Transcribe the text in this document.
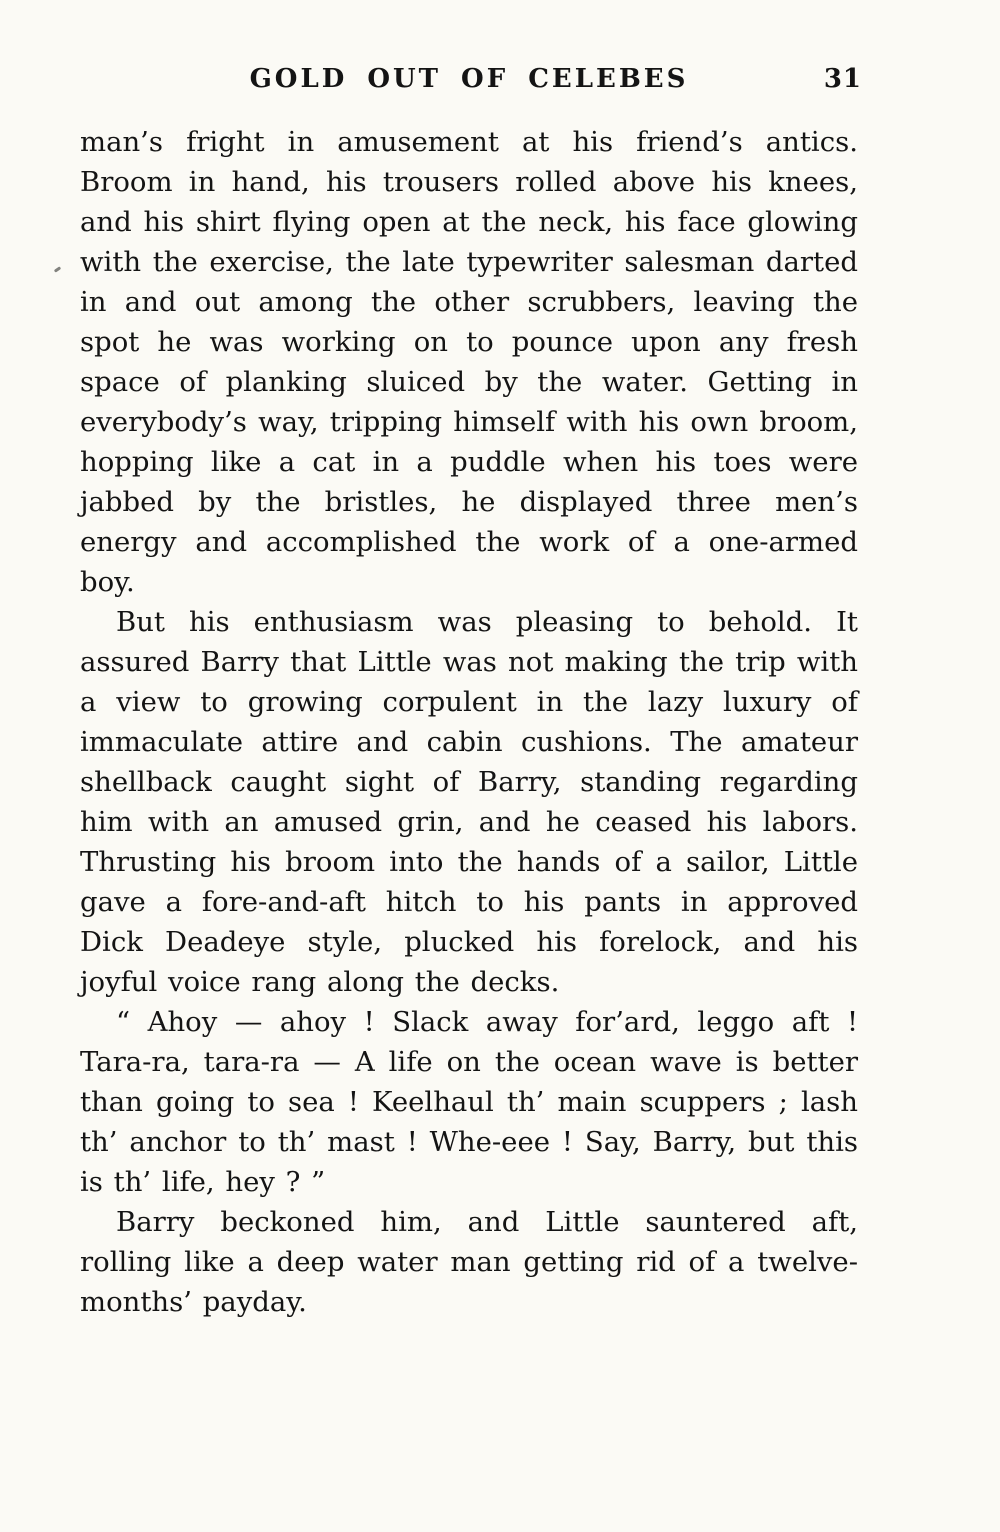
GOLD OUT OF CELEBES	31

man’s fright in amusement at his friend’s antics. Broom in hand, his trousers rolled above his knees, and his shirt flying open at the neck, his face glowing with the exercise, the late typewriter salesman darted in and out among the other scrubbers, leaving the spot he was working on to pounce upon any fresh space of planking sluiced by the water. Getting in everybody’s way, tripping himself with his own broom, hopping like a cat in a puddle when his toes were jabbed by the bristles, he displayed three men’s energy and accomplished the work of a one-armed boy.

But his enthusiasm was pleasing to behold. It assured Barry that Little was not making the trip with a view to growing corpulent in the lazy luxury of immaculate attire and cabin cushions. The amateur shellback caught sight of Barry, standing regarding him with an amused grin, and he ceased his labors. Thrusting his broom into the hands of a sailor, Little gave a fore-and-aft hitch to his pants in approved Dick Deadeye style, plucked his forelock, and his joyful voice rang along the decks.

“ Ahoy — ahoy ! Slack away for’ard, leggo aft ! Tara-ra, tara-ra — A life on the ocean wave is better than going to sea ! Keelhaul th’ main scuppers ; lash th’ anchor to th’ mast ! Whe-eee ! Say, Barry, but this is th’ life, hey ? ”

Barry beckoned him, and Little sauntered aft, rolling like a deep water man getting rid of a twelve-months’ payday.
